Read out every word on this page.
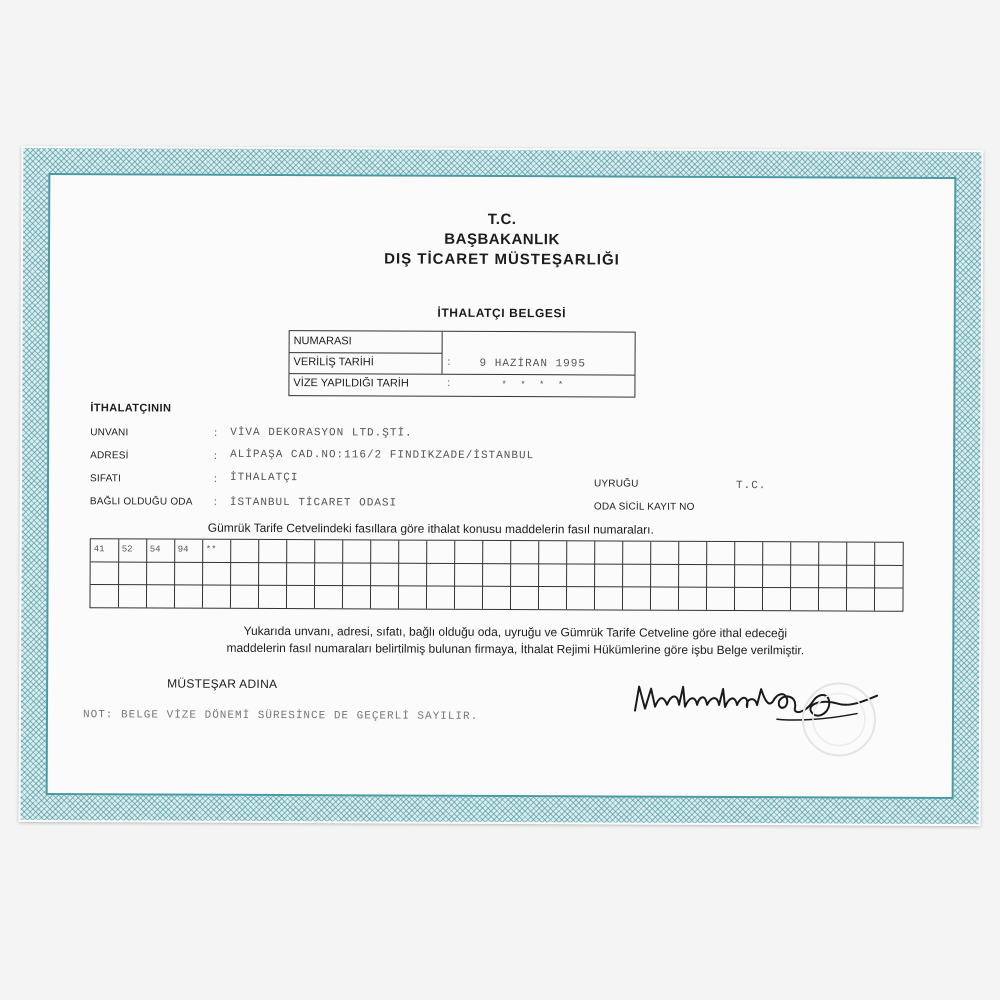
T.C.
BAŞBAKANLIK
DIŞ TİCARET MÜSTEŞARLIĞI
İTHALATÇI BELGESİ
NUMARASI
VERİLİŞ TARİHİ	:	9 HAZİRAN 1995
VİZE YAPILDIĞI TARİH	:	* * * *
İTHALATÇININ
UNVANI	: VİVA DEKORASYON LTD.ŞTİ.
ADRESİ	: ALİPAŞA CAD.NO:116/2 FINDIKZADE/İSTANBUL
SIFATI	: İTHALATÇI	UYRUĞU	T.C.
BAĞLI OLDUĞU ODA : İSTANBUL TİCARET ODASI	ODA SİCİL KAYIT NO
Gümrük Tarife Cetvelindeki fasıllara göre ithalat konusu maddelerin fasıl numaraları.
41 52 54 94 **
Yukarıda unvanı, adresi, sıfatı, bağlı olduğu oda, uyruğu ve Gümrük Tarife Cetveline göre ithal edeceği
maddelerin fasıl numaraları belirtilmiş bulunan firmaya, İthalat Rejimi Hükümlerine göre işbu Belge verilmiştir.
MÜSTEŞAR ADINA
NOT: BELGE VİZE DÖNEMİ SÜRESİNCE DE GEÇERLİ SAYILIR.
